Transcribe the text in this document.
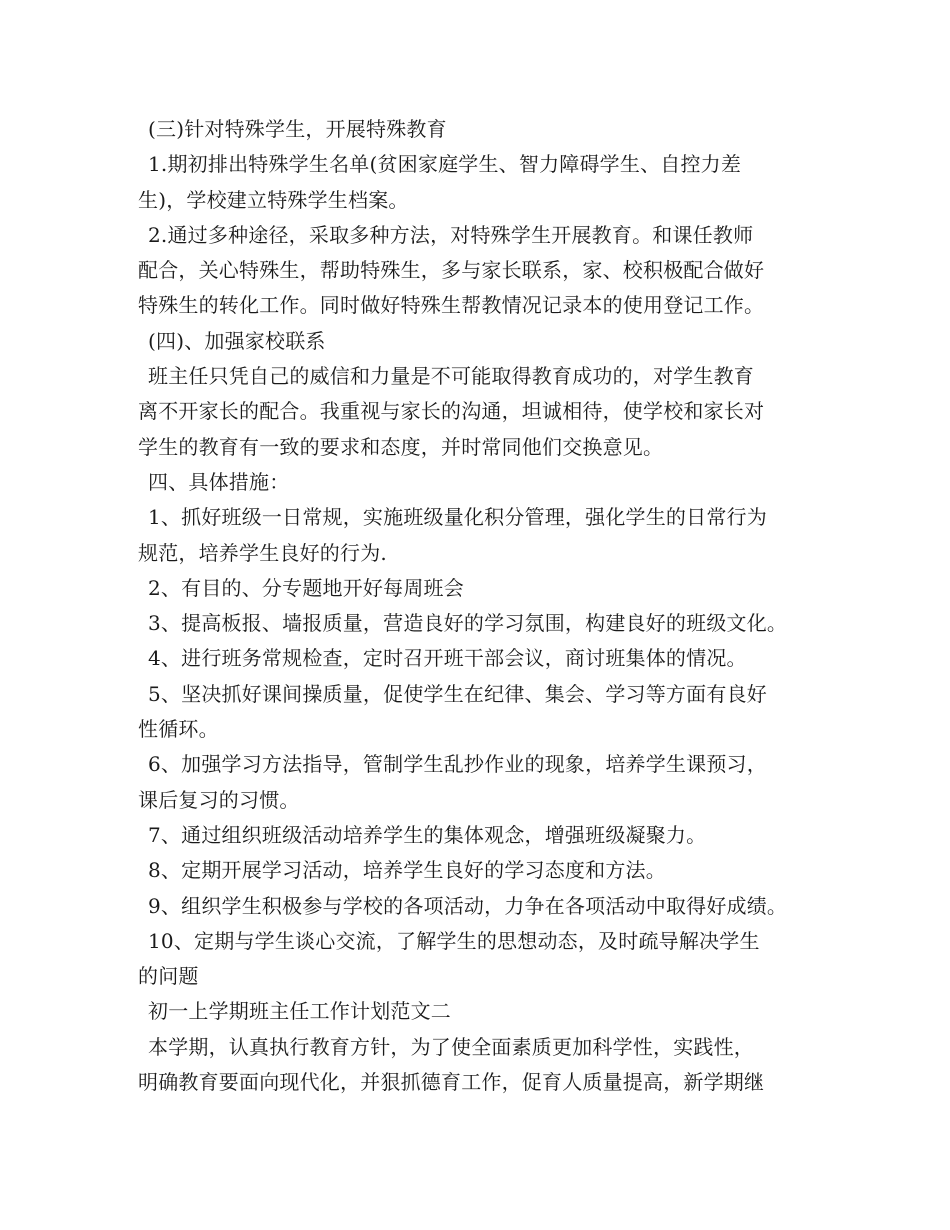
(三)针对特殊学生，开展特殊教育
1.期初排出特殊学生名单(贫困家庭学生、智力障碍学生、自控力差
生)，学校建立特殊学生档案。
2.通过多种途径，采取多种方法，对特殊学生开展教育。和课任教师
配合，关心特殊生，帮助特殊生，多与家长联系，家、校积极配合做好
特殊生的转化工作。同时做好特殊生帮教情况记录本的使用登记工作。
(四)、加强家校联系
班主任只凭自己的威信和力量是不可能取得教育成功的，对学生教育
离不开家长的配合。我重视与家长的沟通，坦诚相待，使学校和家长对
学生的教育有一致的要求和态度，并时常同他们交换意见。
四、具体措施：
1、抓好班级一日常规，实施班级量化积分管理，强化学生的日常行为
规范，培养学生良好的行为.
2、有目的、分专题地开好每周班会
3、提高板报、墙报质量，营造良好的学习氛围，构建良好的班级文化。
4、进行班务常规检查，定时召开班干部会议，商讨班集体的情况。
5、坚决抓好课间操质量，促使学生在纪律、集会、学习等方面有良好
性循环。
6、加强学习方法指导，管制学生乱抄作业的现象，培养学生课预习，
课后复习的习惯。
7、通过组织班级活动培养学生的集体观念，增强班级凝聚力。
8、定期开展学习活动，培养学生良好的学习态度和方法。
9、组织学生积极参与学校的各项活动，力争在各项活动中取得好成绩。
10、定期与学生谈心交流，了解学生的思想动态，及时疏导解决学生
的问题
初一上学期班主任工作计划范文二
本学期，认真执行教育方针，为了使全面素质更加科学性，实践性，
明确教育要面向现代化，并狠抓德育工作，促育人质量提高，新学期继
